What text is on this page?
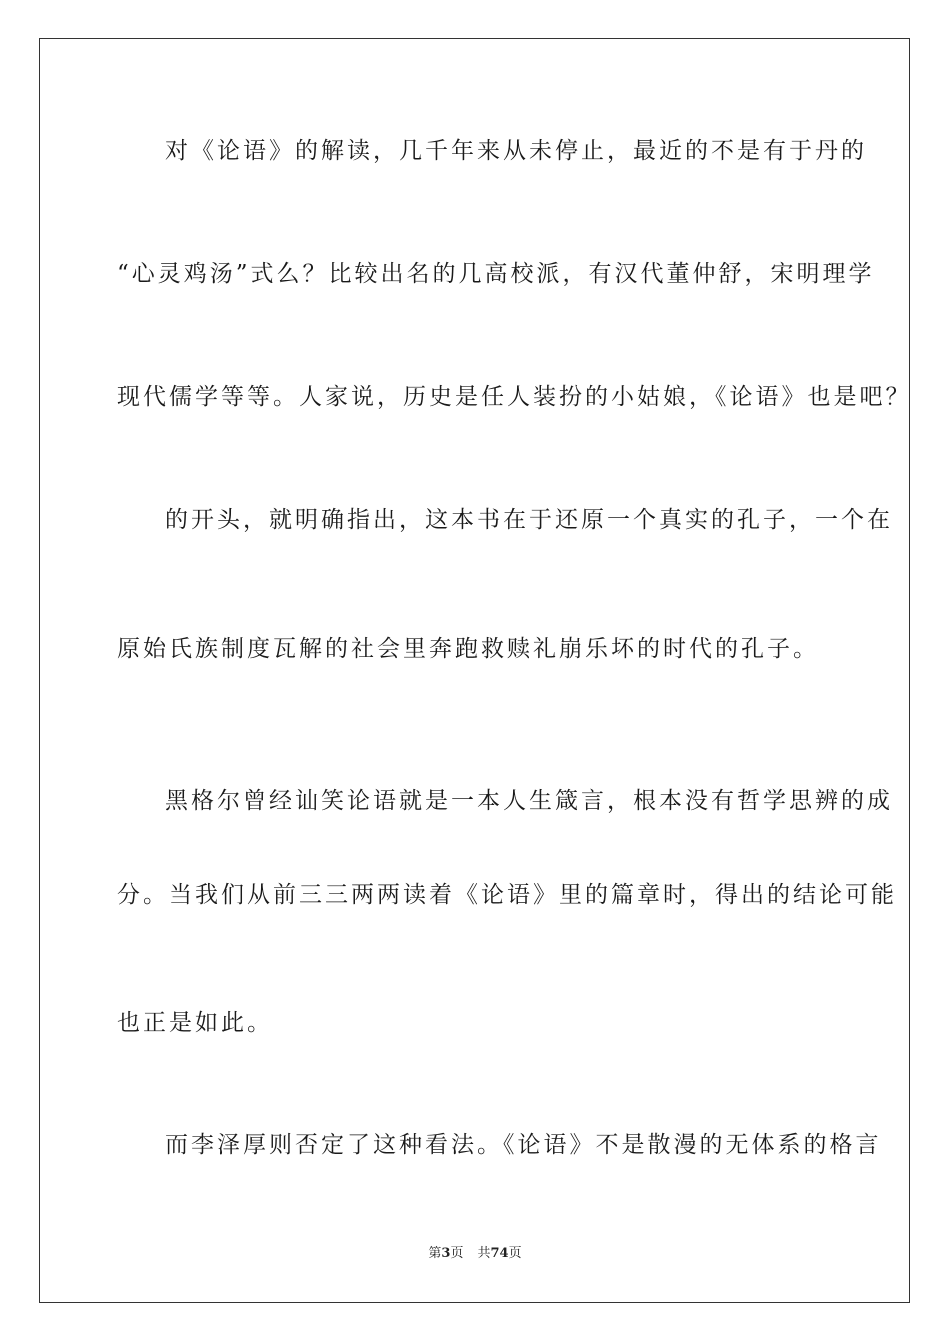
对《论语》的解读，几千年来从未停止，最近的不是有于丹的
“心灵鸡汤”式么？比较出名的几高校派，有汉代董仲舒，宋明理学
现代儒学等等。人家说，历史是任人装扮的小姑娘，《论语》也是吧？
的开头，就明确指出，这本书在于还原一个真实的孔子，一个在
原始氏族制度瓦解的社会里奔跑救赎礼崩乐坏的时代的孔子。
黑格尔曾经讪笑论语就是一本人生箴言，根本没有哲学思辨的成
分。当我们从前三三两两读着《论语》里的篇章时，得出的结论可能
也正是如此。
而李泽厚则否定了这种看法。《论语》不是散漫的无体系的格言
第3页 共74页
